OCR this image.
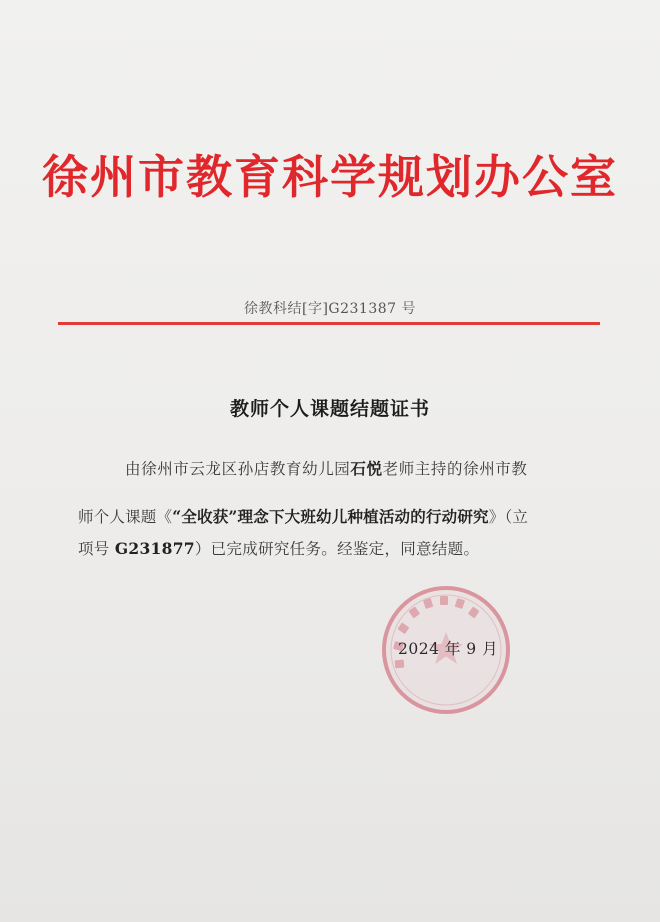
徐州市教育科学规划办公室
徐教科结[字]G231387 号
教师个人课题结题证书
由徐州市云龙区孙店教育幼儿园石悦老师主持的徐州市教
师个人课题《“全收获”理念下大班幼儿种植活动的行动研究》（立
项号 G231877）已完成研究任务。经鉴定，同意结题。
2024 年 9 月
